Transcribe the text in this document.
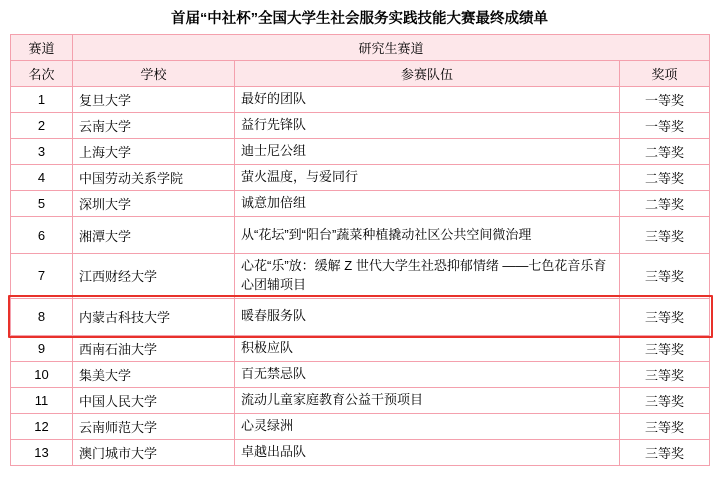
首届“中社杯”全国大学生社会服务实践技能大赛最终成绩单
赛道	研究生赛道		
名次	学校	参赛队伍	奖项
1	复旦大学	最好的团队	一等奖
2	云南大学	益行先锋队	一等奖
3	上海大学	迪士尼公组	二等奖
4	中国劳动关系学院	萤火温度，与爱同行	二等奖
5	深圳大学	诚意加倍组	二等奖
6	湘潭大学	从“花坛”到“阳台”蔬菜种植撬动社区公共空间微治理	三等奖
7	江西财经大学	心花“乐”放：缓解 Z 世代大学生社恐抑郁情绪 ——七色花音乐育心团辅项目	三等奖
8	内蒙古科技大学	暖春服务队	三等奖
9	西南石油大学	积极应队	三等奖
10	集美大学	百无禁忌队	三等奖
11	中国人民大学	流动儿童家庭教育公益干预项目	三等奖
12	云南师范大学	心灵绿洲	三等奖
13	澳门城市大学	卓越出品队	三等奖
